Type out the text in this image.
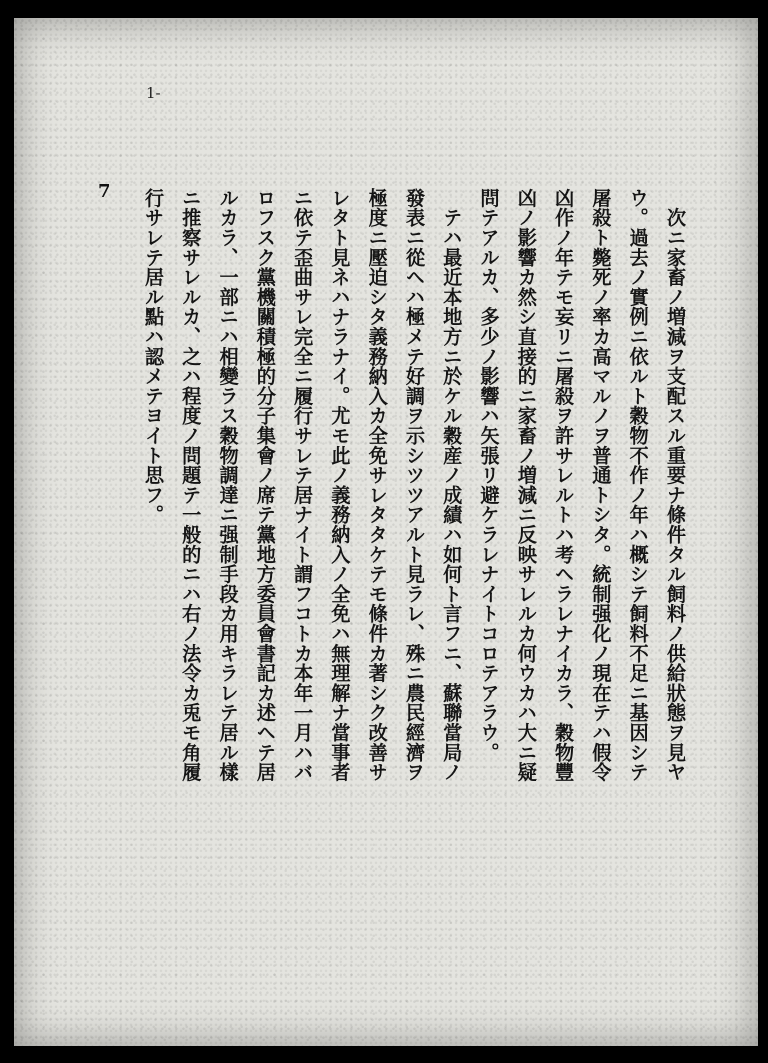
1-
7	　次ニ家畜ノ増減ヲ支配スル重要ナ條件タル飼料ノ供給狀態ヲ見ヤ
ウ。過去ノ實例ニ依ルト穀物不作ノ年ハ概シテ飼料不足ニ基因シテ
屠殺ト斃死ノ率カ高マルノヲ普通トシタ。統制强化ノ現在テハ假令
凶作ノ年テモ妄リニ屠殺ヲ許サレルトハ考ヘラレナイカラ、穀物豐
凶ノ影響カ然シ直接的ニ家畜ノ増減ニ反映サレルカ何ウカハ大ニ疑
問テアルカ、多少ノ影響ハ矢張リ避ケラレナイトコロテアラウ。
　テハ最近本地方ニ於ケル穀産ノ成績ハ如何ト言フニ、蘇聯當局ノ
發表ニ從ヘハ極メテ好調ヲ示シツツアルト見ラレ、殊ニ農民經濟ヲ
極度ニ壓迫シタ義務納入カ全免サレタタケテモ條件カ著シク改善サ
レタト見ネハナラナイ。尤モ此ノ義務納入ノ全免ハ無理解ナ當事者
ニ依テ歪曲サレ完全ニ履行サレテ居ナイト謂フコトカ本年一月ハバ
ロフスク黨機關積極的分子集會ノ席テ黨地方委員會書記カ述ヘテ居
ルカラ、一部ニハ相變ラス穀物調達ニ强制手段カ用キラレテ居ル樣
ニ推察サレルカ、之ハ程度ノ問題テ一般的ニハ右ノ法令カ兎モ角履
行サレテ居ル點ハ認メテヨイト思フ。
